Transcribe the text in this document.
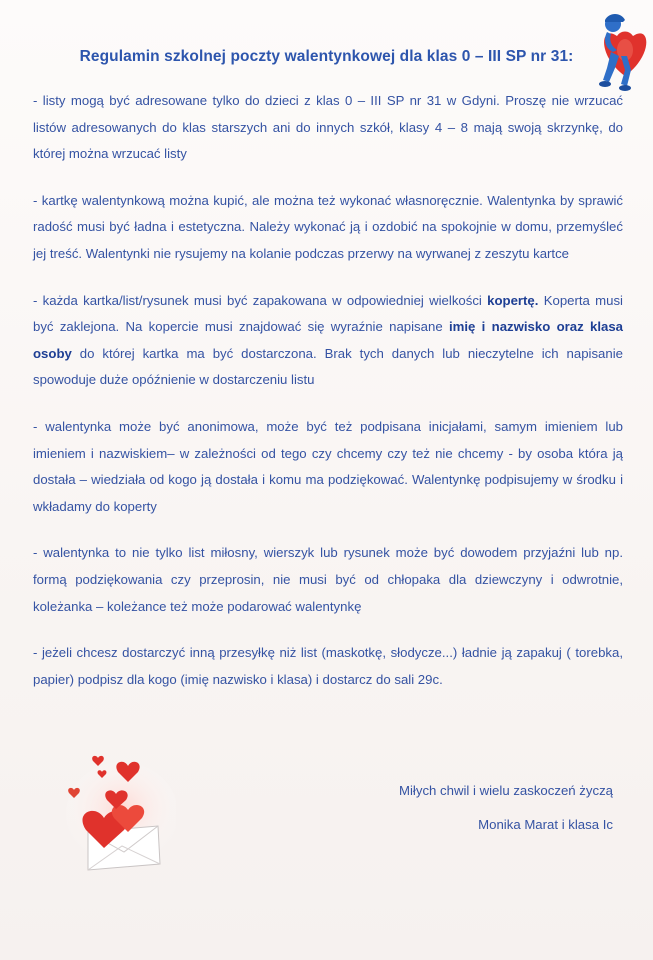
Regulamin szkolnej poczty walentynkowej dla klas 0 – III SP nr 31:

- listy mogą być adresowane tylko do dzieci z klas 0 – III SP nr 31 w Gdyni. Proszę nie wrzucać listów adresowanych do klas starszych ani do innych szkół, klasy 4 – 8 mają swoją skrzynkę, do której można wrzucać listy

- kartkę walentynkową można kupić, ale można też wykonać własnoręcznie. Walentynka by sprawić radość musi być ładna i estetyczna. Należy wykonać ją i ozdobić na spokojnie w domu, przemyśleć jej treść. Walentynki nie rysujemy na kolanie podczas przerwy na wyrwanej z zeszytu kartce

- każda kartka/list/rysunek musi być zapakowana w odpowiedniej wielkości kopertę. Koperta musi być zaklejona. Na kopercie musi znajdować się wyraźnie napisane imię i nazwisko oraz klasa osoby do której kartka ma być dostarczona. Brak tych danych lub nieczytelne ich napisanie spowoduje duże opóźnienie w dostarczeniu listu

- walentynka może być anonimowa, może być też podpisana inicjałami, samym imieniem lub imieniem i nazwiskiem– w zależności od tego czy chcemy czy też nie chcemy - by osoba która ją dostała – wiedziała od kogo ją dostała i komu ma podziękować. Walentynkę podpisujemy w środku i wkładamy do koperty

- walentynka to nie tylko list miłosny, wierszyk lub rysunek może być dowodem przyjaźni lub np. formą podziękowania czy przeprosin, nie musi być od chłopaka dla dziewczyny i odwrotnie, koleżanka – koleżance też może podarować walentynkę

- jeżeli chcesz dostarczyć inną przesyłkę niż list (maskotkę, słodycze...) ładnie ją zapakuj ( torebka, papier) podpisz dla kogo (imię nazwisko i klasa) i dostarcz do sali 29c.

Miłych chwil i wielu zaskoczeń życzą
Monika Marat i klasa Ic
